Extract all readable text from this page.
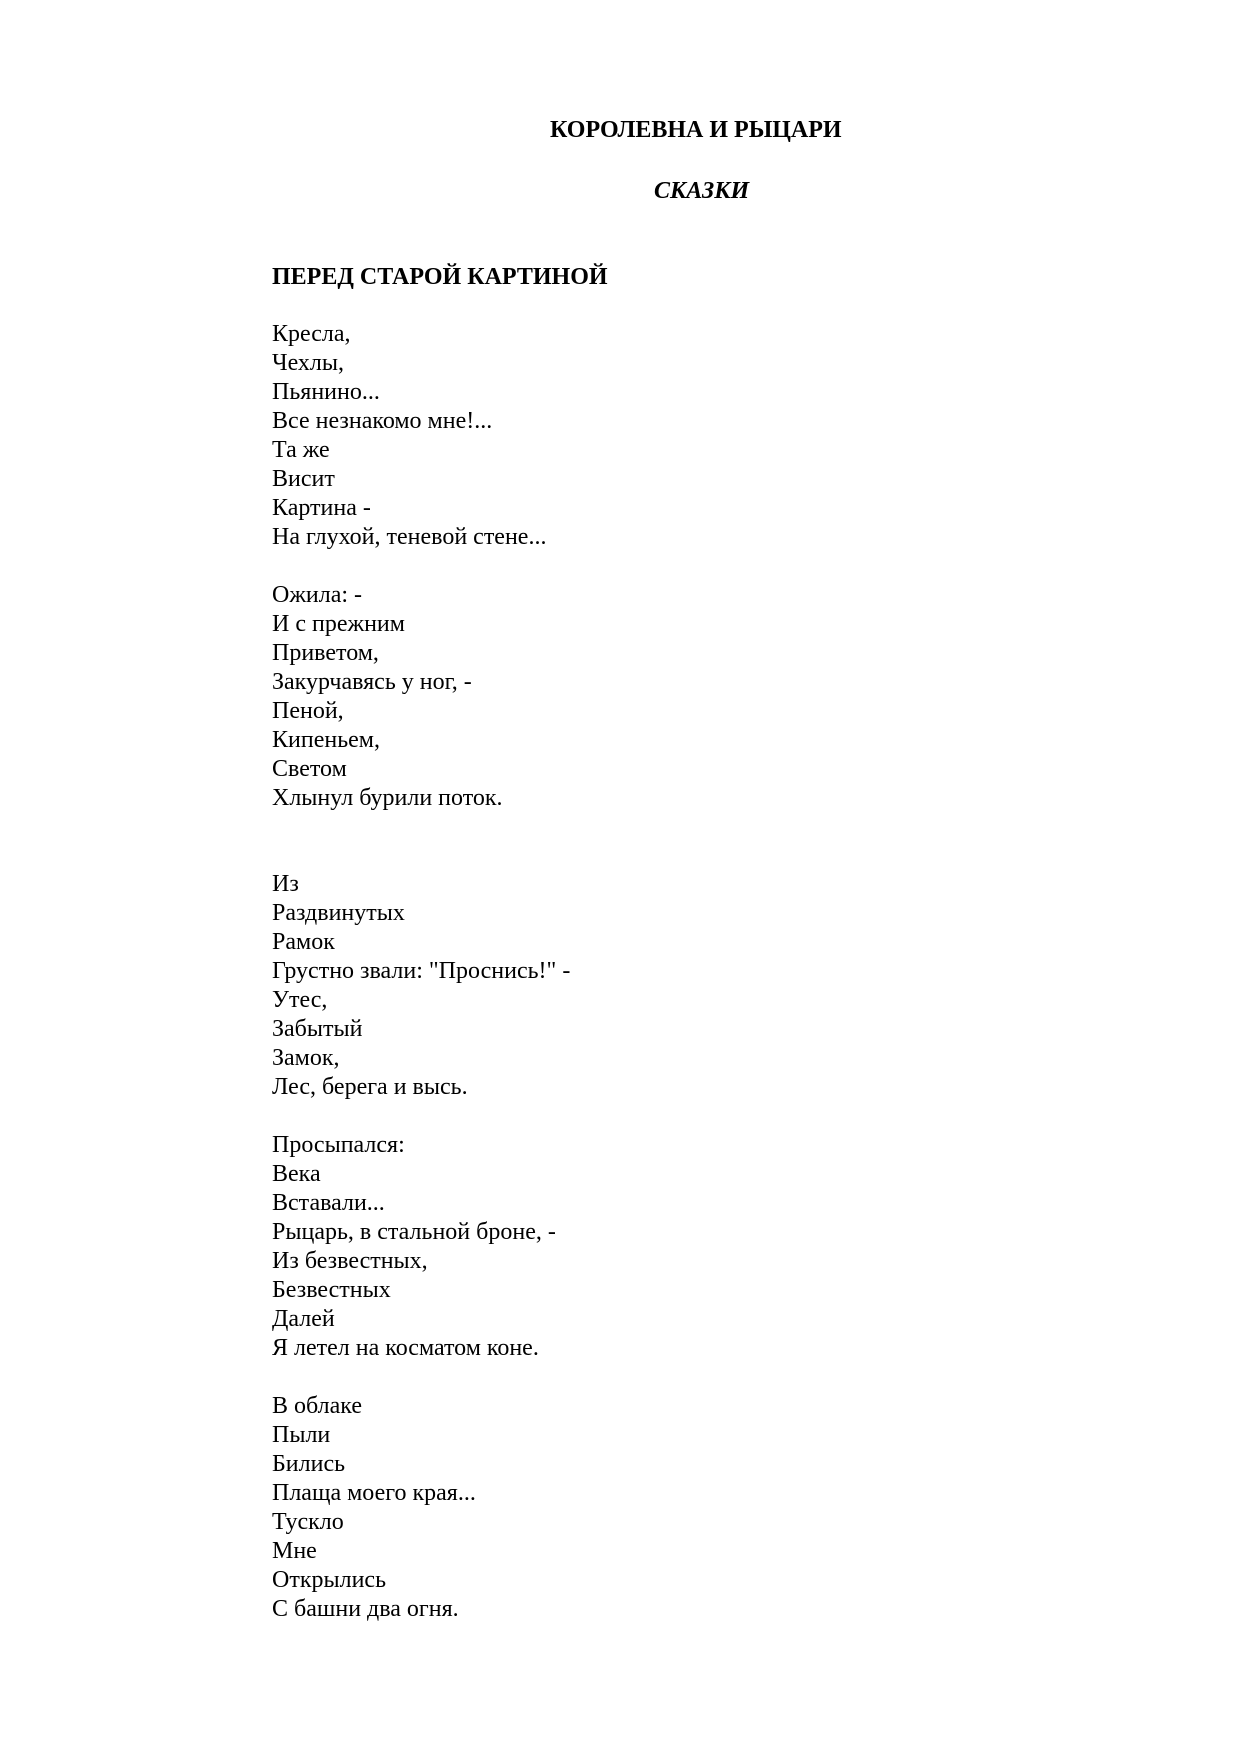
КОРОЛЕВНА И РЫЦАРИ
СКАЗКИ
ПЕРЕД СТАРОЙ КАРТИНОЙ
Кресла,
Чехлы,
Пьянино...
Все незнакомо мне!...
Та же
Висит
Картина -
На глухой, теневой стене...
Ожила: -
И с прежним
Приветом,
Закурчавясь у ног, -
Пеной,
Кипеньем,
Светом
Хлынул бурили поток.
Из
Раздвинутых
Рамок
Грустно звали: "Проснись!" -
Утес,
Забытый
Замок,
Лес, берега и высь.
Просыпался:
Века
Вставали...
Рыцарь, в стальной броне, -
Из безвестных,
Безвестных
Далей
Я летел на косматом коне.
В облаке
Пыли
Бились
Плаща моего края...
Тускло
Мне
Открылись
С башни два огня.
